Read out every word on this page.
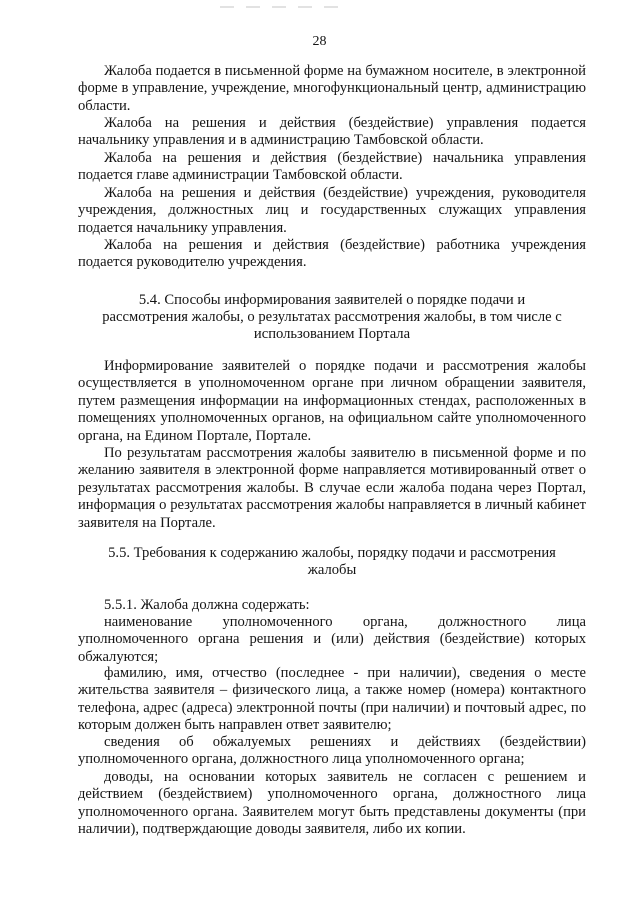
28

Жалоба подается в письменной форме на бумажном носителе, в электронной форме в управление, учреждение, многофункциональный центр, администрацию области.

Жалоба на решения и действия (бездействие) управления подается начальнику управления и в администрацию Тамбовской области.

Жалоба на решения и действия (бездействие) начальника управления подается главе администрации Тамбовской области.

Жалоба на решения и действия (бездействие) учреждения, руководителя учреждения, должностных лиц и государственных служащих управления подается начальнику управления.

Жалоба на решения и действия (бездействие) работника учреждения подается руководителю учреждения.

5.4. Способы информирования заявителей о порядке подачи и
рассмотрения жалобы, о результатах рассмотрения жалобы, в том числе с
использованием Портала

Информирование заявителей о порядке подачи и рассмотрения жалобы осуществляется в уполномоченном органе при личном обращении заявителя, путем размещения информации на информационных стендах, расположенных в помещениях уполномоченных органов, на официальном сайте уполномоченного органа, на Едином Портале, Портале.

По результатам рассмотрения жалобы заявителю в письменной форме и по желанию заявителя в электронной форме направляется мотивированный ответ о результатах рассмотрения жалобы. В случае если жалоба подана через Портал, информация о результатах рассмотрения жалобы направляется в личный кабинет заявителя на Портале.

5.5. Требования к содержанию жалобы, порядку подачи и рассмотрения
жалобы
5.5.1. Жалоба должна содержать:

наименование уполномоченного органа, должностного лица уполномоченного органа решения и (или) действия (бездействие) которых обжалуются;

фамилию, имя, отчество (последнее - при наличии), сведения о месте жительства заявителя – физического лица, а также номер (номера) контактного телефона, адрес (адреса) электронной почты (при наличии) и почтовый адрес, по которым должен быть направлен ответ заявителю;

сведения об обжалуемых решениях и действиях (бездействии) уполномоченного органа, должностного лица уполномоченного органа;

доводы, на основании которых заявитель не согласен с решением и действием (бездействием) уполномоченного органа, должностного лица уполномоченного органа. Заявителем могут быть представлены документы (при наличии), подтверждающие доводы заявителя, либо их копии.
